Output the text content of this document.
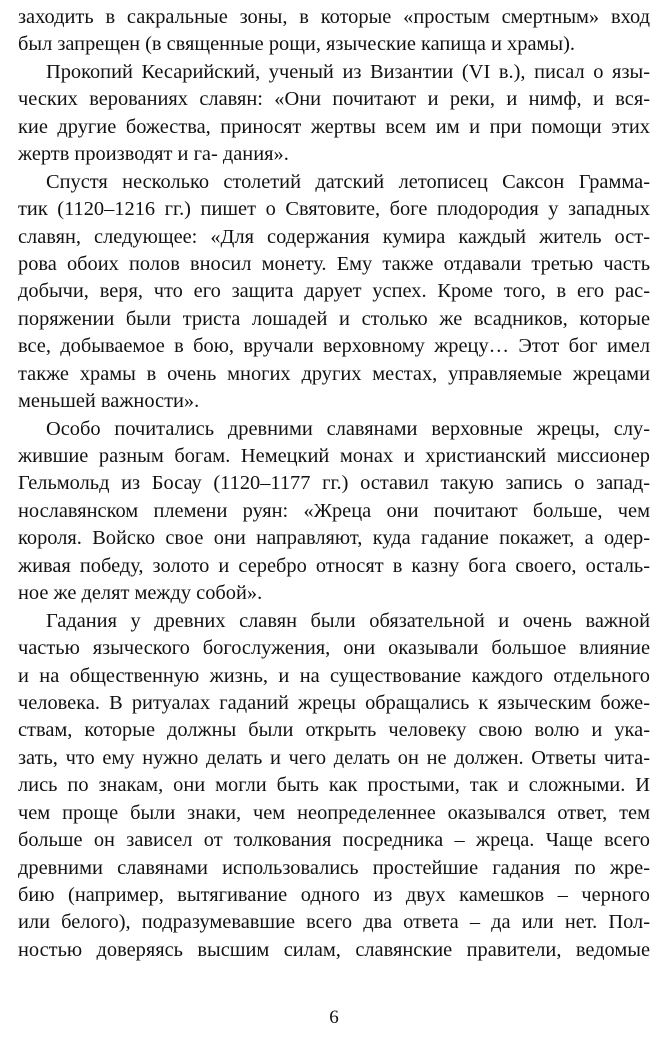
заходить в сакральные зоны, в которые «простым смертным» вход
был запрещен (в священные рощи, языческие капища и храмы).
Прокопий Кесарийский, ученый из Византии (VI в.), писал о язы-
ческих верованиях славян: «Они почитают и реки, и нимф, и вся-
кие другие божества, приносят жертвы всем им и при помощи этих
жертв производят и га- дания».
Спустя несколько столетий датский летописец Саксон Грамма-
тик (1120–1216 гг.) пишет о Святовите, боге плодородия у западных
славян, следующее: «Для содержания кумира каждый житель ост-
рова обоих полов вносил монету. Ему также отдавали третью часть
добычи, веря, что его защита дарует успех. Кроме того, в его рас-
поряжении были триста лошадей и столько же всадников, которые
все, добываемое в бою, вручали верховному жрецу… Этот бог имел
также храмы в очень многих других местах, управляемые жрецами
меньшей важности».
Особо почитались древними славянами верховные жрецы, слу-
жившие разным богам. Немецкий монах и христианский миссионер
Гельмольд из Босау (1120–1177 гг.) оставил такую запись о запад-
нославянском племени руян: «Жреца они почитают больше, чем
короля. Войско свое они направляют, куда гадание покажет, а одер-
живая победу, золото и серебро относят в казну бога своего, осталь-
ное же делят между собой».
Гадания у древних славян были обязательной и очень важной
частью языческого богослужения, они оказывали большое влияние
и на общественную жизнь, и на существование каждого отдельного
человека. В ритуалах гаданий жрецы обращались к языческим боже-
ствам, которые должны были открыть человеку свою волю и ука-
зать, что ему нужно делать и чего делать он не должен. Ответы чита-
лись по знакам, они могли быть как простыми, так и сложными. И
чем проще были знаки, чем неопределеннее оказывался ответ, тем
больше он зависел от толкования посредника – жреца. Чаще всего
древними славянами использовались простейшие гадания по жре-
бию (например, вытягивание одного из двух камешков – черного
или белого), подразумевавшие всего два ответа – да или нет. Пол-
ностью доверяясь высшим силам, славянские правители, ведомые
6
